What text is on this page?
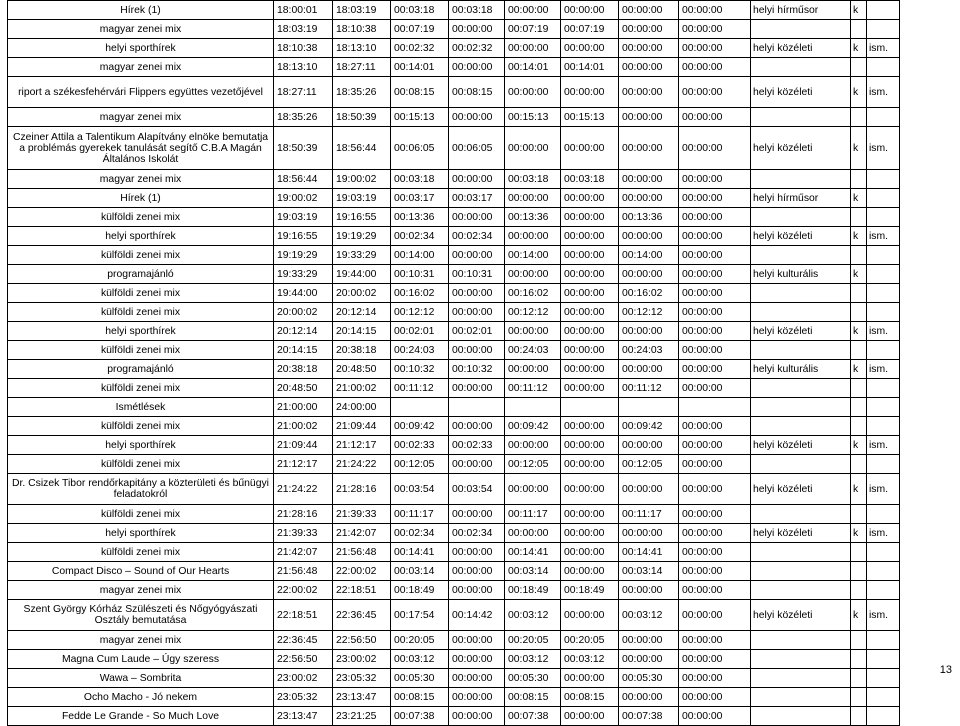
Hírek (1)	18:00:01	18:03:19	00:03:18	00:03:18	00:00:00	00:00:00	00:00:00	00:00:00	helyi hírműsor	k	
magyar zenei mix	18:03:19	18:10:38	00:07:19	00:00:00	00:07:19	00:07:19	00:00:00	00:00:00			
helyi sporthírek	18:10:38	18:13:10	00:02:32	00:02:32	00:00:00	00:00:00	00:00:00	00:00:00	helyi közéleti	k	ism.
magyar zenei mix	18:13:10	18:27:11	00:14:01	00:00:00	00:14:01	00:14:01	00:00:00	00:00:00			
riport a székesfehérvári Flippers együttes vezetőjével	18:27:11	18:35:26	00:08:15	00:08:15	00:00:00	00:00:00	00:00:00	00:00:00	helyi közéleti	k	ism.
magyar zenei mix	18:35:26	18:50:39	00:15:13	00:00:00	00:15:13	00:15:13	00:00:00	00:00:00			
Czeiner Attila a Talentikum Alapítvány elnöke bemutatja a problémás gyerekek tanulását segítő C.B.A Magán Általános Iskolát	18:50:39	18:56:44	00:06:05	00:06:05	00:00:00	00:00:00	00:00:00	00:00:00	helyi közéleti	k	ism.
magyar zenei mix	18:56:44	19:00:02	00:03:18	00:00:00	00:03:18	00:03:18	00:00:00	00:00:00			
Hírek (1)	19:00:02	19:03:19	00:03:17	00:03:17	00:00:00	00:00:00	00:00:00	00:00:00	helyi hírműsor	k	
külföldi zenei mix	19:03:19	19:16:55	00:13:36	00:00:00	00:13:36	00:00:00	00:13:36	00:00:00			
helyi sporthírek	19:16:55	19:19:29	00:02:34	00:02:34	00:00:00	00:00:00	00:00:00	00:00:00	helyi közéleti	k	ism.
külföldi zenei mix	19:19:29	19:33:29	00:14:00	00:00:00	00:14:00	00:00:00	00:14:00	00:00:00			
programajánló	19:33:29	19:44:00	00:10:31	00:10:31	00:00:00	00:00:00	00:00:00	00:00:00	helyi kulturális	k	
külföldi zenei mix	19:44:00	20:00:02	00:16:02	00:00:00	00:16:02	00:00:00	00:16:02	00:00:00			
külföldi zenei mix	20:00:02	20:12:14	00:12:12	00:00:00	00:12:12	00:00:00	00:12:12	00:00:00			
helyi sporthírek	20:12:14	20:14:15	00:02:01	00:02:01	00:00:00	00:00:00	00:00:00	00:00:00	helyi közéleti	k	ism.
külföldi zenei mix	20:14:15	20:38:18	00:24:03	00:00:00	00:24:03	00:00:00	00:24:03	00:00:00			
programajánló	20:38:18	20:48:50	00:10:32	00:10:32	00:00:00	00:00:00	00:00:00	00:00:00	helyi kulturális	k	ism.
külföldi zenei mix	20:48:50	21:00:02	00:11:12	00:00:00	00:11:12	00:00:00	00:11:12	00:00:00			
Ismétlések	21:00:00	24:00:00									
külföldi zenei mix	21:00:02	21:09:44	00:09:42	00:00:00	00:09:42	00:00:00	00:09:42	00:00:00			
helyi sporthírek	21:09:44	21:12:17	00:02:33	00:02:33	00:00:00	00:00:00	00:00:00	00:00:00	helyi közéleti	k	ism.
külföldi zenei mix	21:12:17	21:24:22	00:12:05	00:00:00	00:12:05	00:00:00	00:12:05	00:00:00			
Dr. Csizek Tibor rendőrkapitány a közterületi és bűnügyi feladatokról	21:24:22	21:28:16	00:03:54	00:03:54	00:00:00	00:00:00	00:00:00	00:00:00	helyi közéleti	k	ism.
külföldi zenei mix	21:28:16	21:39:33	00:11:17	00:00:00	00:11:17	00:00:00	00:11:17	00:00:00			
helyi sporthírek	21:39:33	21:42:07	00:02:34	00:02:34	00:00:00	00:00:00	00:00:00	00:00:00	helyi közéleti	k	ism.
külföldi zenei mix	21:42:07	21:56:48	00:14:41	00:00:00	00:14:41	00:00:00	00:14:41	00:00:00			
Compact Disco – Sound of Our Hearts	21:56:48	22:00:02	00:03:14	00:00:00	00:03:14	00:00:00	00:03:14	00:00:00			
magyar zenei mix	22:00:02	22:18:51	00:18:49	00:00:00	00:18:49	00:18:49	00:00:00	00:00:00			
Szent György Kórház Szülészeti és Nőgyógyászati Osztály bemutatása	22:18:51	22:36:45	00:17:54	00:14:42	00:03:12	00:00:00	00:03:12	00:00:00	helyi közéleti	k	ism.
magyar zenei mix	22:36:45	22:56:50	00:20:05	00:00:00	00:20:05	00:20:05	00:00:00	00:00:00			
Magna Cum Laude – Úgy szeress	22:56:50	23:00:02	00:03:12	00:00:00	00:03:12	00:03:12	00:00:00	00:00:00			
Wawa – Sombrita	23:00:02	23:05:32	00:05:30	00:00:00	00:05:30	00:00:00	00:05:30	00:00:00			
Ocho Macho - Jó nekem	23:05:32	23:13:47	00:08:15	00:00:00	00:08:15	00:08:15	00:00:00	00:00:00			
Fedde Le Grande - So Much Love	23:13:47	23:21:25	00:07:38	00:00:00	00:07:38	00:00:00	00:07:38	00:00:00			
13
